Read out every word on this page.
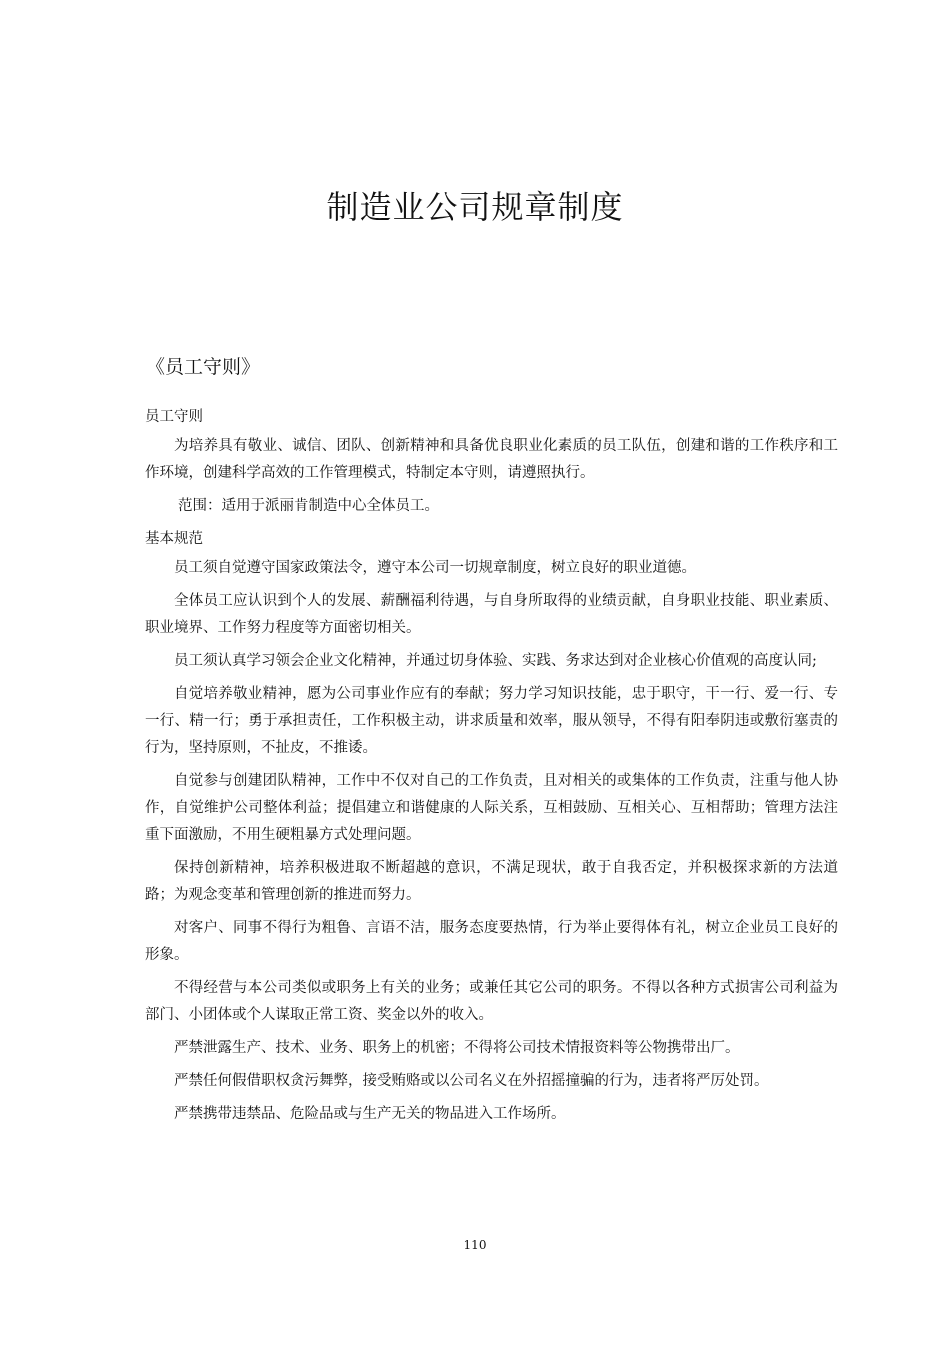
制造业公司规章制度
《员工守则》

员工守则

为培养具有敬业、诚信、团队、创新精神和具备优良职业化素质的员工队伍，创建和谐的工作秩序和工作环境，创建科学高效的工作管理模式，特制定本守则，请遵照执行。

范围：适用于派丽肯制造中心全体员工。

基本规范

员工须自觉遵守国家政策法令，遵守本公司一切规章制度，树立良好的职业道德。

全体员工应认识到个人的发展、薪酬福利待遇，与自身所取得的业绩贡献，自身职业技能、职业素质、职业境界、工作努力程度等方面密切相关。

员工须认真学习领会企业文化精神，并通过切身体验、实践、务求达到对企业核心价值观的高度认同;

自觉培养敬业精神，愿为公司事业作应有的奉献；努力学习知识技能，忠于职守，干一行、爱一行、专一行、精一行；勇于承担责任，工作积极主动，讲求质量和效率，服从领导，不得有阳奉阴违或敷衍塞责的行为，坚持原则，不扯皮，不推诿。

自觉参与创建团队精神，工作中不仅对自己的工作负责，且对相关的或集体的工作负责，注重与他人协作，自觉维护公司整体利益；提倡建立和谐健康的人际关系，互相鼓励、互相关心、互相帮助；管理方法注重下面激励，不用生硬粗暴方式处理问题。

保持创新精神，培养积极进取不断超越的意识，不满足现状，敢于自我否定，并积极探求新的方法道路；为观念变革和管理创新的推进而努力。

对客户、同事不得行为粗鲁、言语不洁，服务态度要热情，行为举止要得体有礼，树立企业员工良好的形象。

不得经营与本公司类似或职务上有关的业务；或兼任其它公司的职务。不得以各种方式损害公司利益为部门、小团体或个人谋取正常工资、奖金以外的收入。

严禁泄露生产、技术、业务、职务上的机密；不得将公司技术情报资料等公物携带出厂。

严禁任何假借职权贪污舞弊，接受贿赂或以公司名义在外招摇撞骗的行为，违者将严厉处罚。

严禁携带违禁品、危险品或与生产无关的物品进入工作场所。

110
